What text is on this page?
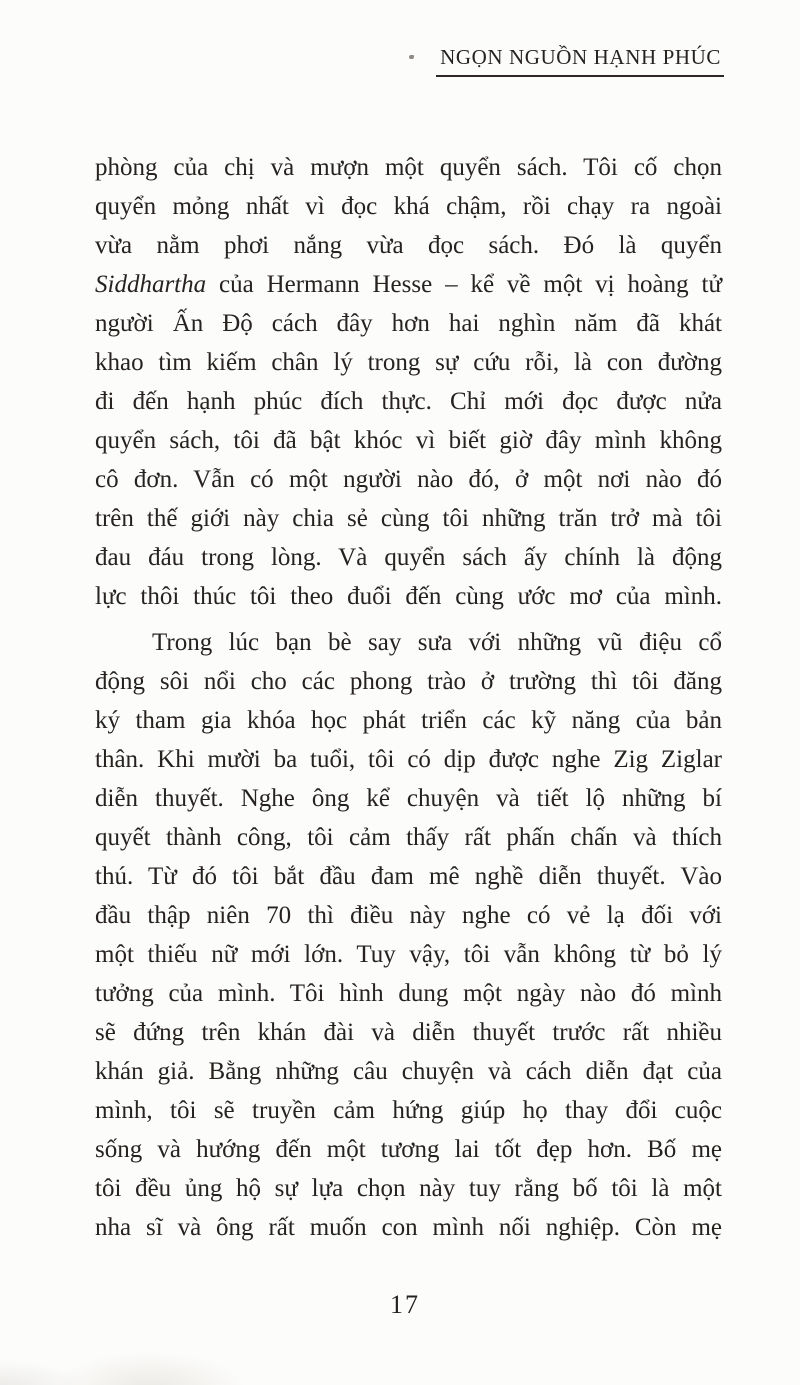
NGỌN NGUỒN HẠNH PHÚC
phòng của chị và mượn một quyển sách. Tôi cố chọn
quyển mỏng nhất vì đọc khá chậm, rồi chạy ra ngoài
vừa nằm phơi nắng vừa đọc sách. Đó là quyển
Siddhartha của Hermann Hesse – kể về một vị hoàng tử
người Ấn Độ cách đây hơn hai nghìn năm đã khát
khao tìm kiếm chân lý trong sự cứu rỗi, là con đường
đi đến hạnh phúc đích thực. Chỉ mới đọc được nửa
quyển sách, tôi đã bật khóc vì biết giờ đây mình không
cô đơn. Vẫn có một người nào đó, ở một nơi nào đó
trên thế giới này chia sẻ cùng tôi những trăn trở mà tôi
đau đáu trong lòng. Và quyển sách ấy chính là động
lực thôi thúc tôi theo đuổi đến cùng ước mơ của mình.
Trong lúc bạn bè say sưa với những vũ điệu cổ
động sôi nổi cho các phong trào ở trường thì tôi đăng
ký tham gia khóa học phát triển các kỹ năng của bản
thân. Khi mười ba tuổi, tôi có dịp được nghe Zig Ziglar
diễn thuyết. Nghe ông kể chuyện và tiết lộ những bí
quyết thành công, tôi cảm thấy rất phấn chấn và thích
thú. Từ đó tôi bắt đầu đam mê nghề diễn thuyết. Vào
đầu thập niên 70 thì điều này nghe có vẻ lạ đối với
một thiếu nữ mới lớn. Tuy vậy, tôi vẫn không từ bỏ lý
tưởng của mình. Tôi hình dung một ngày nào đó mình
sẽ đứng trên khán đài và diễn thuyết trước rất nhiều
khán giả. Bằng những câu chuyện và cách diễn đạt của
mình, tôi sẽ truyền cảm hứng giúp họ thay đổi cuộc
sống và hướng đến một tương lai tốt đẹp hơn. Bố mẹ
tôi đều ủng hộ sự lựa chọn này tuy rằng bố tôi là một
nha sĩ và ông rất muốn con mình nối nghiệp. Còn mẹ
17
